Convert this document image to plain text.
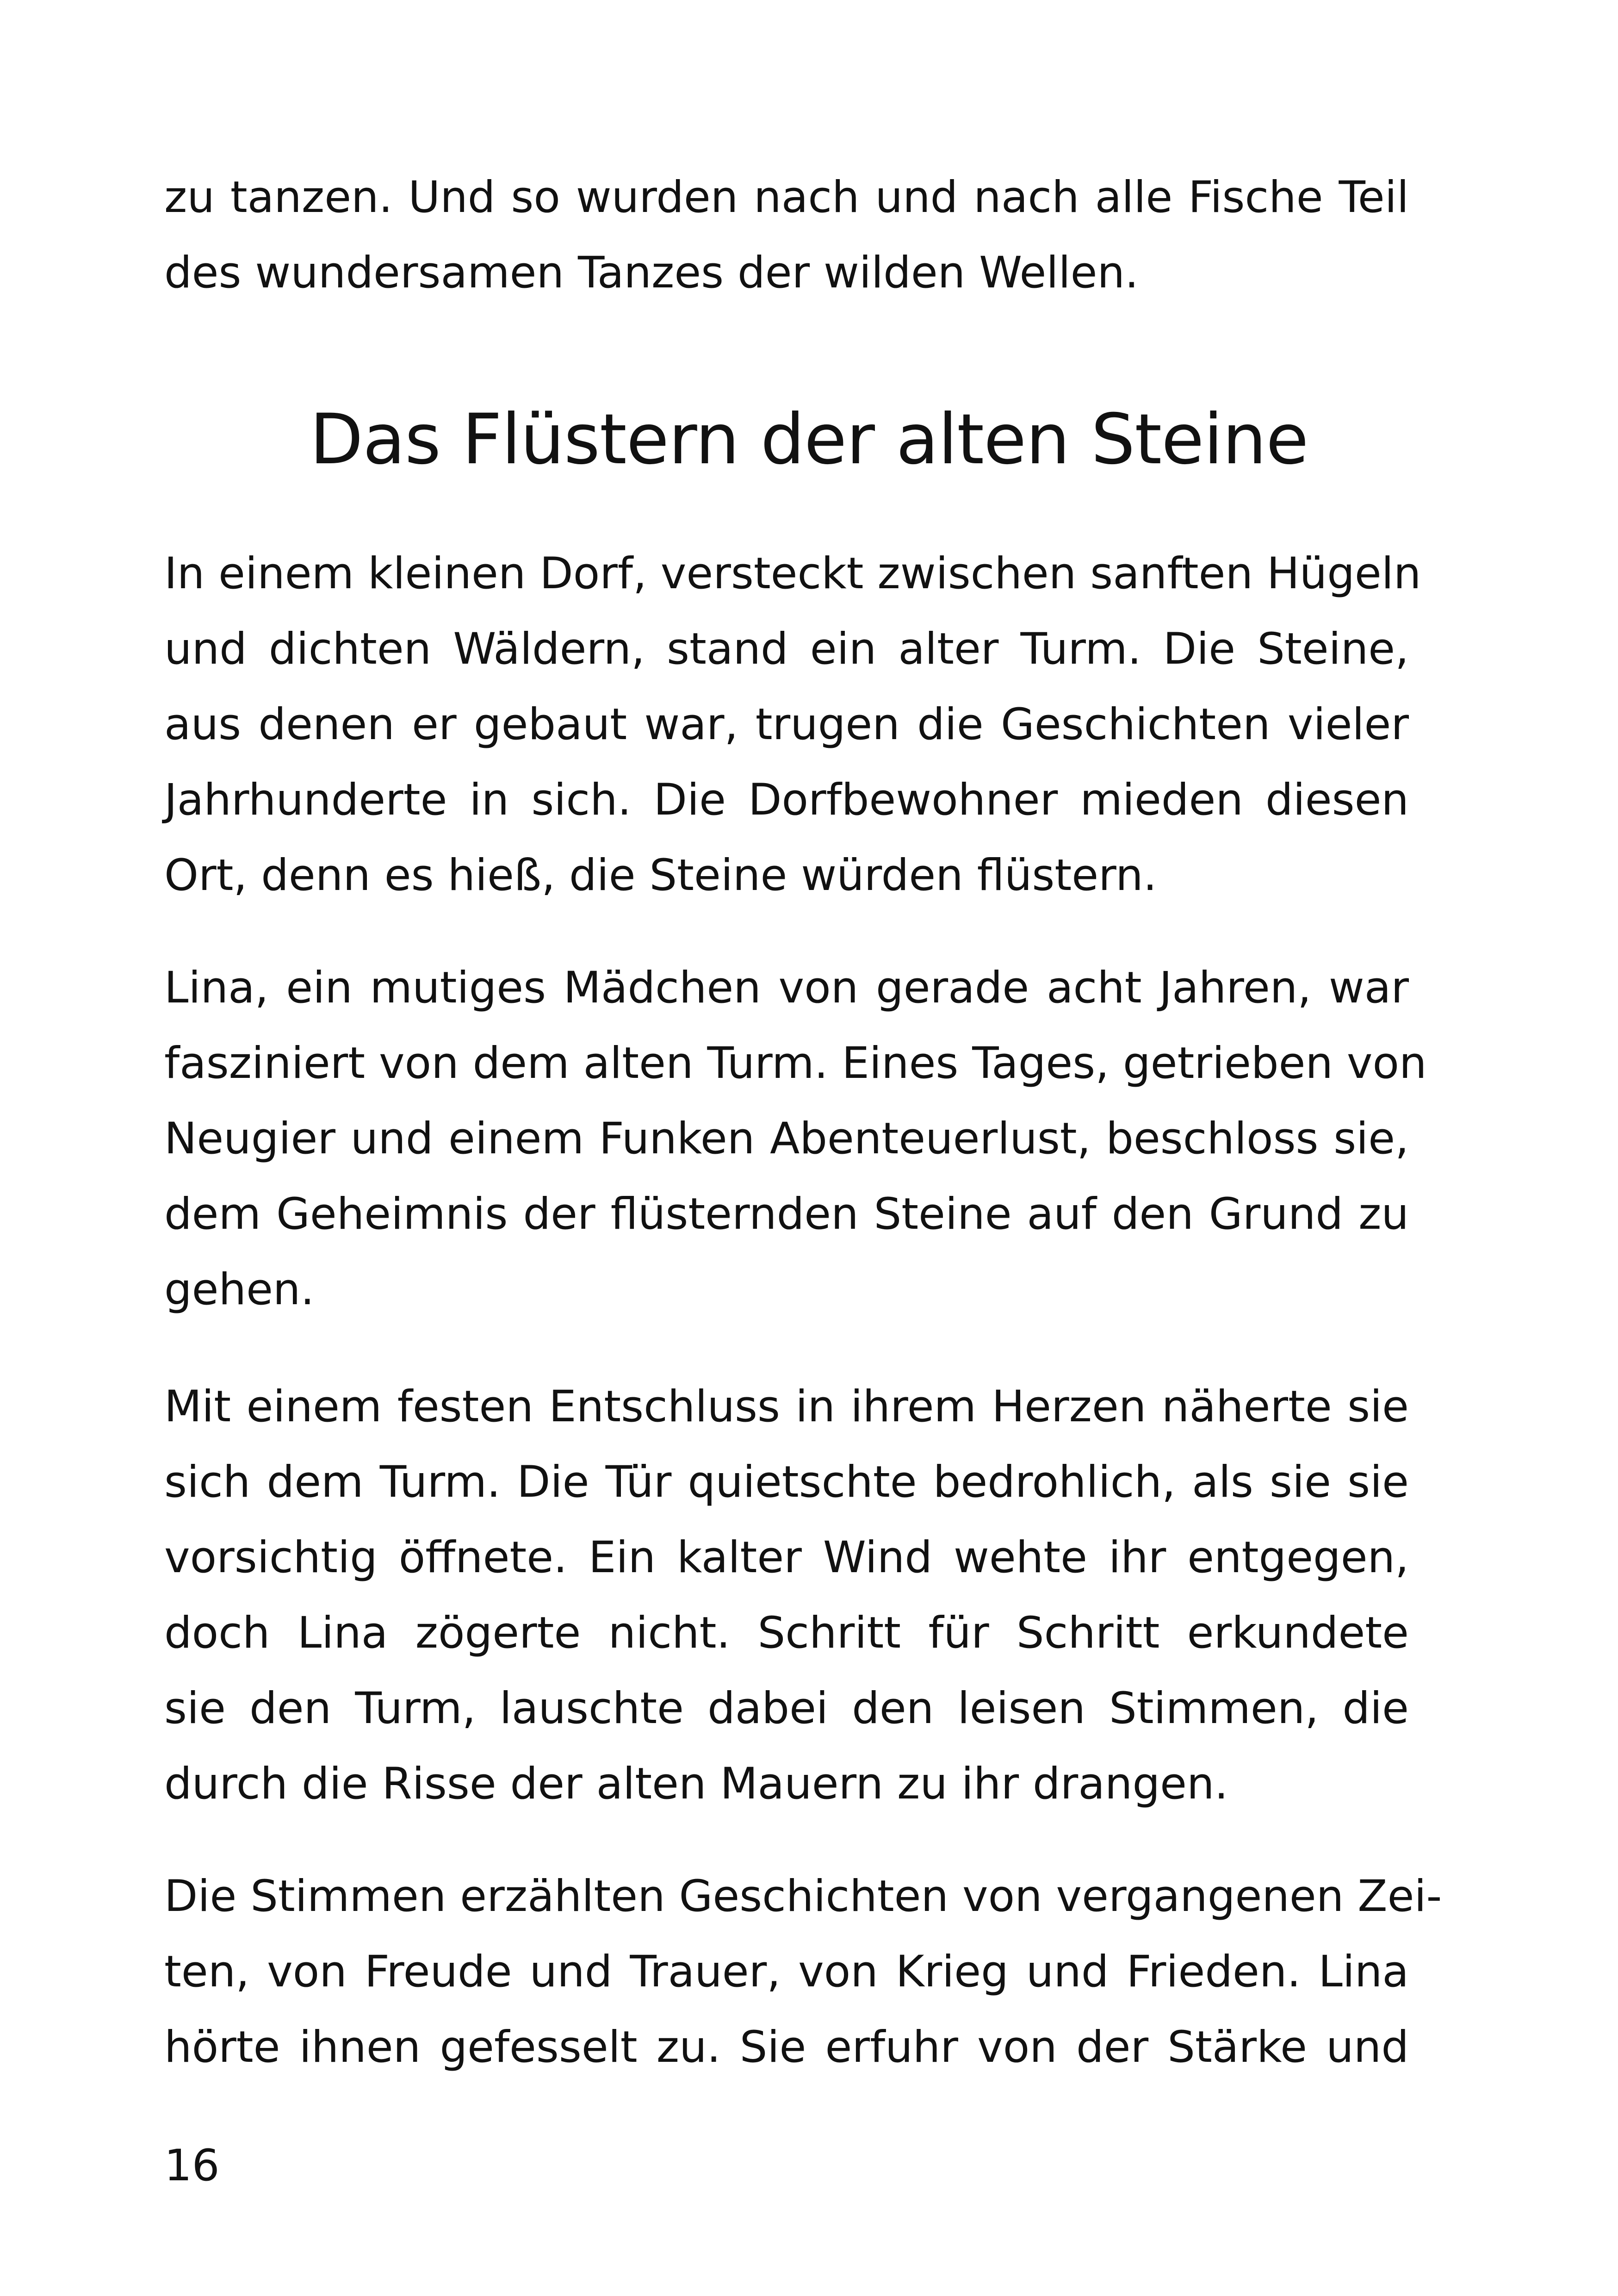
zu tanzen. Und so wurden nach und nach alle Fische Teil
des wundersamen Tanzes der wilden Wellen.
Das Flüstern der alten Steine
In einem kleinen Dorf, versteckt zwischen sanften Hügeln
und dichten Wäldern, stand ein alter Turm. Die Steine,
aus denen er gebaut war, trugen die Geschichten vieler
Jahrhunderte in sich. Die Dorfbewohner mieden diesen
Ort, denn es hieß, die Steine würden flüstern.
Lina, ein mutiges Mädchen von gerade acht Jahren, war
fasziniert von dem alten Turm. Eines Tages, getrieben von
Neugier und einem Funken Abenteuerlust, beschloss sie,
dem Geheimnis der flüsternden Steine auf den Grund zu
gehen.
Mit einem festen Entschluss in ihrem Herzen näherte sie
sich dem Turm. Die Tür quietschte bedrohlich, als sie sie
vorsichtig öffnete. Ein kalter Wind wehte ihr entgegen,
doch Lina zögerte nicht. Schritt für Schritt erkundete
sie den Turm, lauschte dabei den leisen Stimmen, die
durch die Risse der alten Mauern zu ihr drangen.
Die Stimmen erzählten Geschichten von vergangenen Zei-
ten, von Freude und Trauer, von Krieg und Frieden. Lina
hörte ihnen gefesselt zu. Sie erfuhr von der Stärke und
16
